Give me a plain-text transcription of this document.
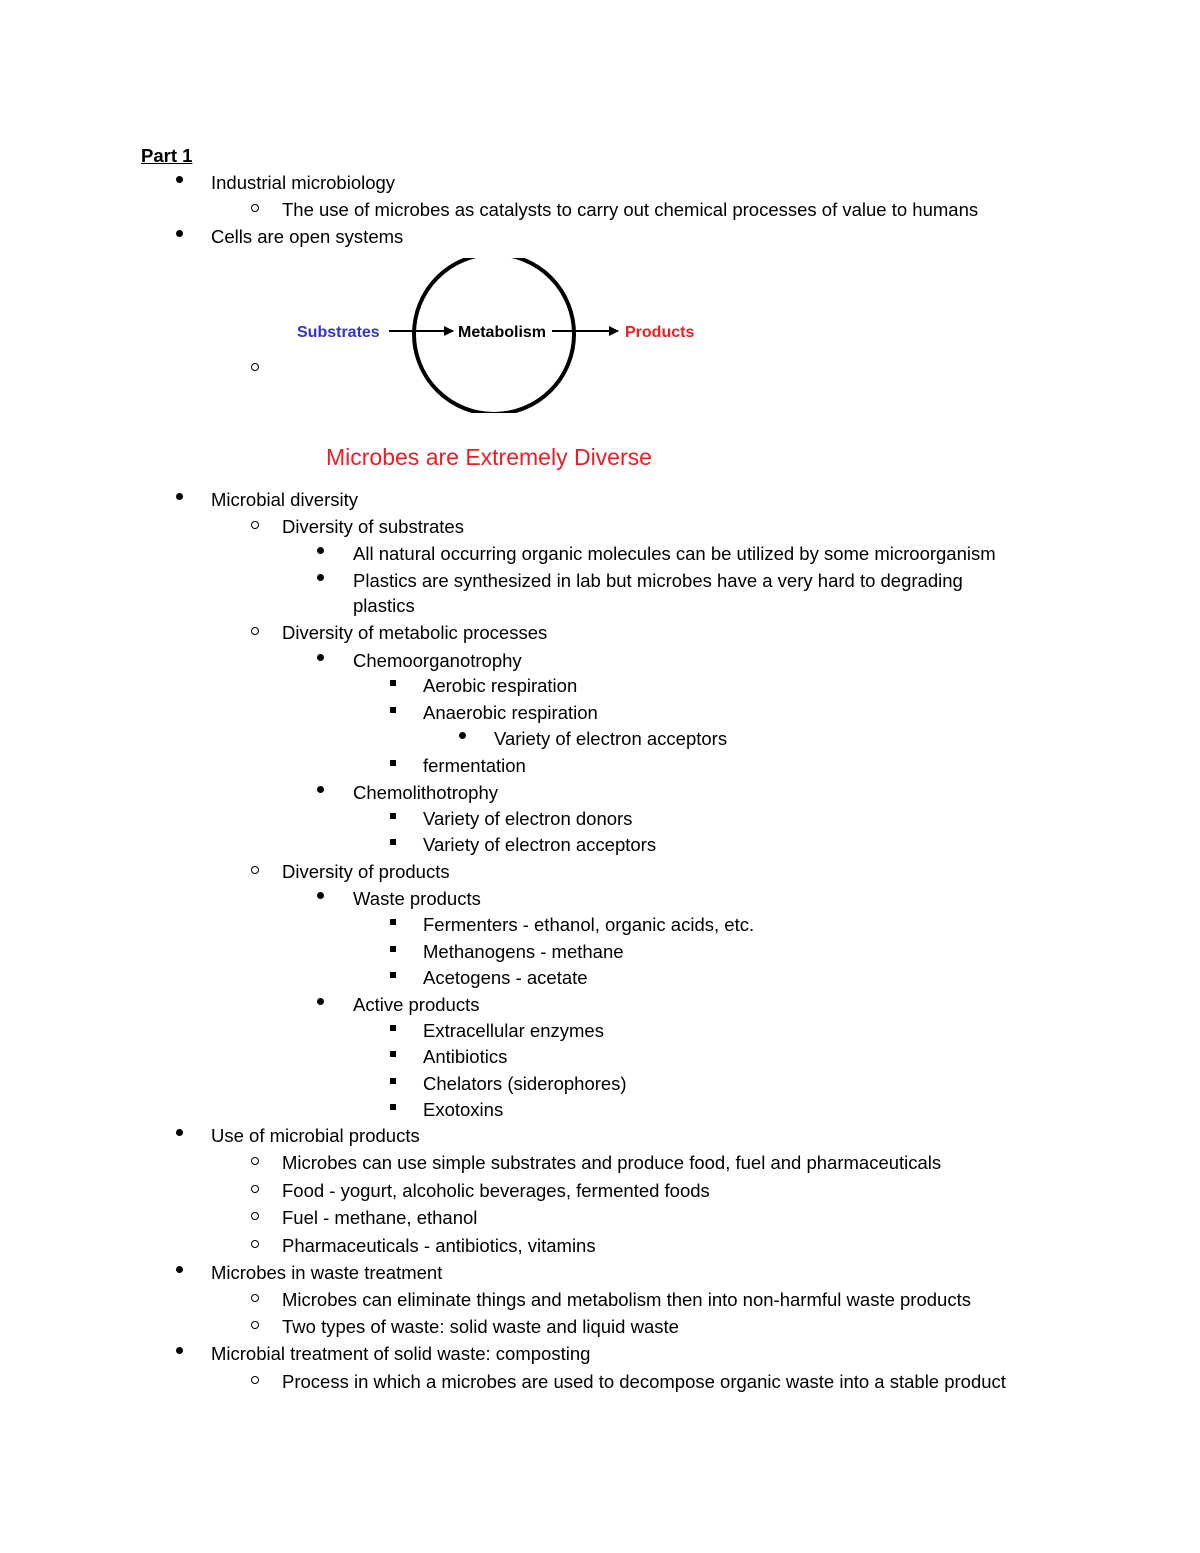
Part 1
Industrial microbiology
The use of microbes as catalysts to carry out chemical processes of value to humans
Cells are open systems
Substrates	Metabolism	Products
Microbes are Extremely Diverse
Microbial diversity
Diversity of substrates
All natural occurring organic molecules can be utilized by some microorganism
Plastics are synthesized in lab but microbes have a very hard to degrading
plastics
Diversity of metabolic processes
Chemoorganotrophy
Aerobic respiration
Anaerobic respiration
Variety of electron acceptors
fermentation
Chemolithotrophy
Variety of electron donors
Variety of electron acceptors
Diversity of products
Waste products
Fermenters - ethanol, organic acids, etc.
Methanogens - methane
Acetogens - acetate
Active products
Extracellular enzymes
Antibiotics
Chelators (siderophores)
Exotoxins
Use of microbial products
Microbes can use simple substrates and produce food, fuel and pharmaceuticals
Food - yogurt, alcoholic beverages, fermented foods
Fuel - methane, ethanol
Pharmaceuticals - antibiotics, vitamins
Microbes in waste treatment
Microbes can eliminate things and metabolism then into non-harmful waste products
Two types of waste: solid waste and liquid waste
Microbial treatment of solid waste: composting
Process in which a microbes are used to decompose organic waste into a stable product
